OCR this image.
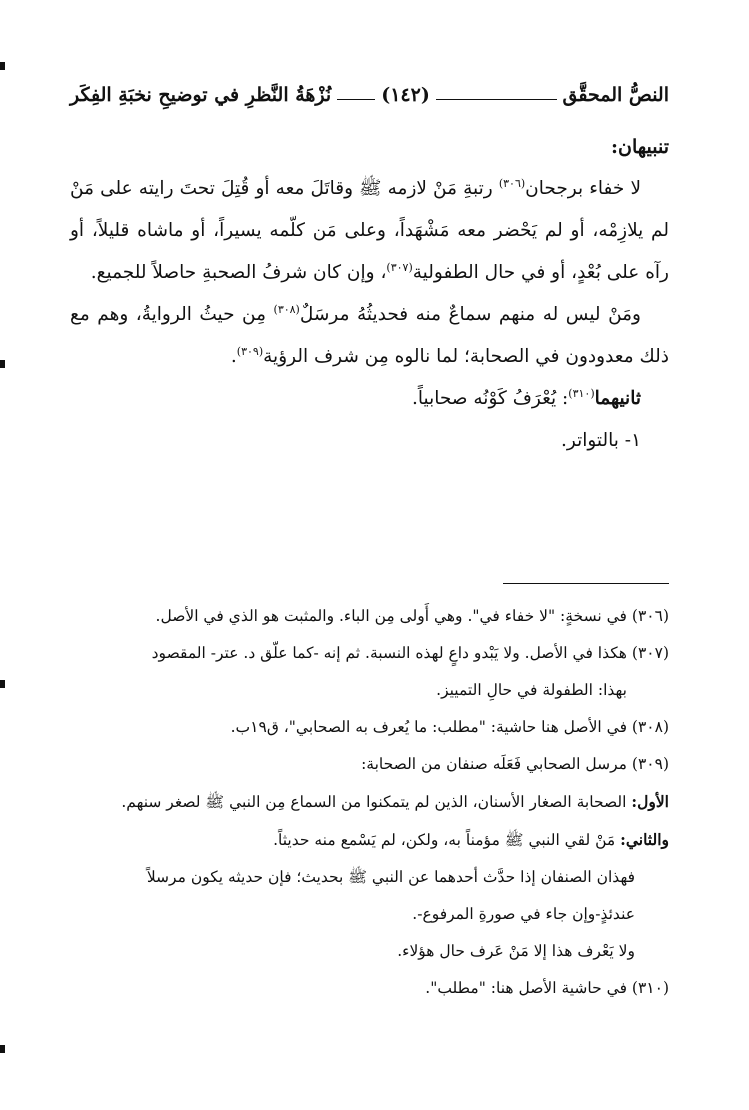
النصُّ المحقَّق
(١٤٢)
نُزْهَةُ النَّظرِ في توضيحِ نخبَةِ الفِكَر

تنبيهان:

لا خفاء برجحان$^{(٣٠٦)}$ رتبةِ مَنْ لازمه ﷺ وقاتَلَ معه أو قُتِلَ تحتَ رايته على مَنْ لم يلازِمْه، أو لم يَحْضر معه مَشْهَداً، وعلى مَن كلّمه يسيراً، أو ماشاه قليلاً، أو رآه على بُعْدٍ، أو في حال الطفولية$^{(٣٠٧)}$، وإن كان شرفُ الصحبةِ حاصلاً للجميع.

ومَنْ ليس له منهم سماعٌ منه فحديثُهُ مرسَلٌ$^{(٣٠٨)}$ مِن حيثُ الروايةُ، وهم مع ذلك معدودون في الصحابة؛ لما نالوه مِن شرف الرؤية$^{(٣٠٩)}$.

ثانيهما$^{(٣١٠)}$: يُعْرَفُ كَوْنُه صحابياً.

١- بالتواتر.

(٣٠٦) في نسخةٍ: "لا خفاء في". وهي أَولى مِن الباء. والمثبت هو الذي في الأصل.

(٣٠٧) هكذا في الأصل. ولا يَبْدو داعٍ لهذه النسبة. ثم إنه -كما علّق د. عتر- المقصود

بهذا: الطفولة في حالِ التمييز.

(٣٠٨) في الأصل هنا حاشية: "مطلب: ما يُعرف به الصحابي"، ق١٩ب.

(٣٠٩) مرسل الصحابي فَعَلَه صنفان من الصحابة:

الأول: الصحابة الصغار الأسنان، الذين لم يتمكنوا من السماع مِن النبي ﷺ لصغر سنهم.

والثاني: مَنْ لقي النبي ﷺ مؤمناً به، ولكن، لم يَسْمع منه حديثاً.

فهذان الصنفان إذا حدَّث أحدهما عن النبي ﷺ بحديث؛ فإن حديثه يكون مرسلاً

عندئذٍ-وإن جاء في صورةِ المرفوع-.

ولا يَعْرف هذا إلا مَنْ عَرف حال هؤلاء.

(٣١٠) في حاشية الأصل هنا: "مطلب".
